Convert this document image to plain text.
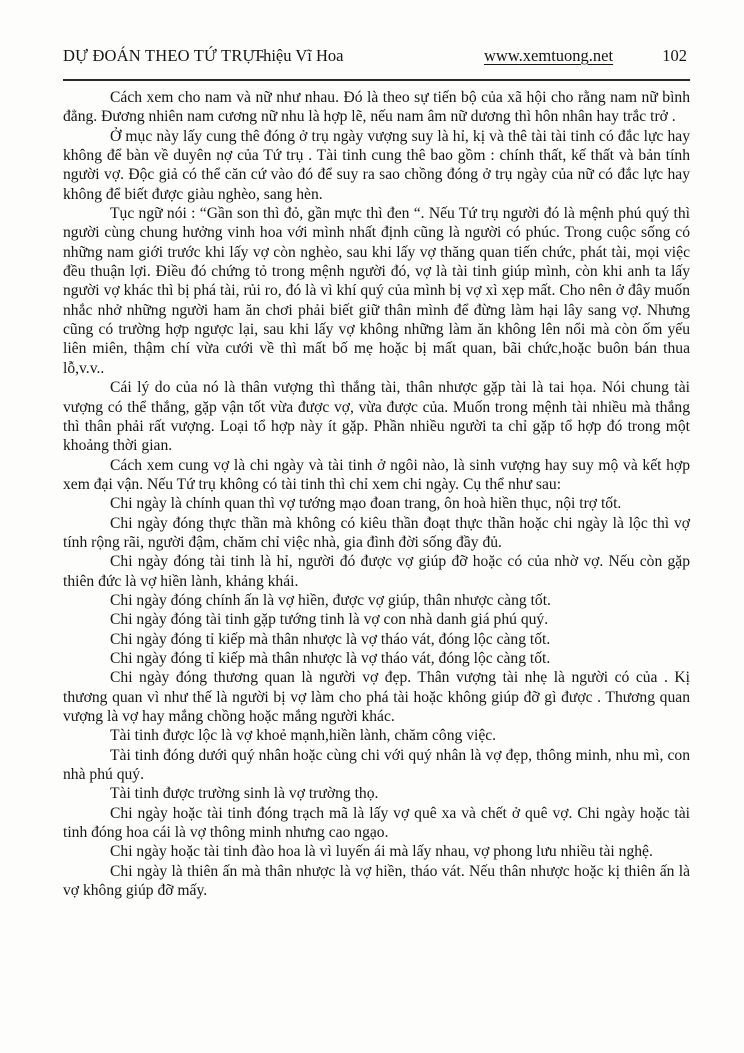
DỰ ĐOÁN THEO TỨ TRỤ -
Thiệu Vĩ Hoa	www.xemtuong.net	102

Cách xem cho nam và nữ như nhau. Đó là theo sự tiến bộ của xã hội cho rằng nam nữ bình đẳng. Đương nhiên nam cương nữ nhu là hợp lẽ, nếu nam âm nữ dương thì hôn nhân hay trắc trở .

Ở mục này lấy cung thê đóng ở trụ ngày vượng suy là hỉ, kị và thê tài tài tinh có đắc lực hay không để bàn về duyên nợ của Tứ trụ . Tài tinh cung thê bao gồm : chính thất, kế thất và bản tính người vợ. Độc giả có thể căn cứ vào đó để suy ra sao chồng đóng ở trụ ngày của nữ có đắc lực hay không để biết được giàu nghèo, sang hèn.

Tục ngữ nói : “Gần son thì đỏ, gần mực thì đen “. Nếu Tứ trụ người đó là mệnh phú quý thì người cùng chung hưởng vinh hoa với mình nhất định cũng là người có phúc. Trong cuộc sống có những nam giới trước khi lấy vợ còn nghèo, sau khi lấy vợ thăng quan tiến chức, phát tài, mọi việc đều thuận lợi. Điều đó chứng tỏ trong mệnh người đó, vợ là tài tinh giúp mình, còn khi anh ta lấy người vợ khác thì bị phá tài, rủi ro, đó là vì khí quý của mình bị vợ xì xẹp mất. Cho nên ở đây muốn nhắc nhở những người ham ăn chơi phải biết giữ thân mình để đừng làm hại lây sang vợ. Nhưng cũng có trường hợp ngược lại, sau khi lấy vợ không những làm ăn không lên nổi mà còn ốm yếu liên miên, thậm chí vừa cưới về thì mất bố mẹ hoặc bị mất quan, bãi chức,hoặc buôn bán thua lỗ,v.v..

Cái lý do của nó là thân vượng thì thắng tài, thân nhược gặp tài là tai họa. Nói chung tài vượng có thể thắng, gặp vận tốt vừa được vợ, vừa được của. Muốn trong mệnh tài nhiều mà thắng thì thân phải rất vượng. Loại tổ hợp này ít gặp. Phần nhiều người ta chỉ gặp tổ hợp đó trong một khoảng thời gian.

Cách xem cung vợ là chi ngày và tài tinh ở ngôi nào, là sinh vượng hay suy mộ và kết hợp xem đại vận. Nếu Tứ trụ không có tài tinh thì chỉ xem chi ngày. Cụ thể như sau:

Chi ngày là chính quan thì vợ tướng mạo đoan trang, ôn hoà hiền thục, nội trợ tốt.

Chi ngày đóng thực thần mà không có kiêu thần đoạt thực thần hoặc chi ngày là lộc thì vợ tính rộng rãi, người đậm, chăm chỉ việc nhà, gia đình đời sống đầy đủ.

Chi ngày đóng tài tinh là hỉ, người đó được vợ giúp đỡ hoặc có của nhờ vợ. Nếu còn gặp thiên đức là vợ hiền lành, khảng khái.

Chi ngày đóng chính ấn là vợ hiền, được vợ giúp, thân nhược càng tốt.

Chi ngày đóng tài tinh gặp tướng tinh là vợ con nhà danh giá phú quý.

Chi ngày đóng tỉ kiếp mà thân nhược là vợ tháo vát, đóng lộc càng tốt.

Chi ngày đóng tỉ kiếp mà thân nhược là vợ tháo vát, đóng lộc càng tốt.

Chi ngày đóng thương quan là người vợ đẹp. Thân vượng tài nhẹ là người có của . Kị thương quan vì như thế là người bị vợ làm cho phá tài hoặc không giúp đỡ gì được . Thương quan vượng là vợ hay mắng chồng hoặc mắng người khác.

Tài tinh được lộc là vợ khoẻ mạnh,hiền lành, chăm công việc.

Tài tinh đóng dưới quý nhân hoặc cùng chi với quý nhân là vợ đẹp, thông minh, nhu mì, con nhà phú quý.

Tài tinh được trường sinh là vợ trường thọ.

Chi ngày hoặc tài tinh đóng trạch mã là lấy vợ quê xa và chết ở quê vợ. Chi ngày hoặc tài tinh đóng hoa cái là vợ thông minh nhưng cao ngạo.

Chi ngày hoặc tài tinh đào hoa là vì luyến ái mà lấy nhau, vợ phong lưu nhiều tài nghệ.

Chi ngày là thiên ấn mà thân nhược là vợ hiền, tháo vát. Nếu thân nhược hoặc kị thiên ấn là vợ không giúp đỡ mấy.
